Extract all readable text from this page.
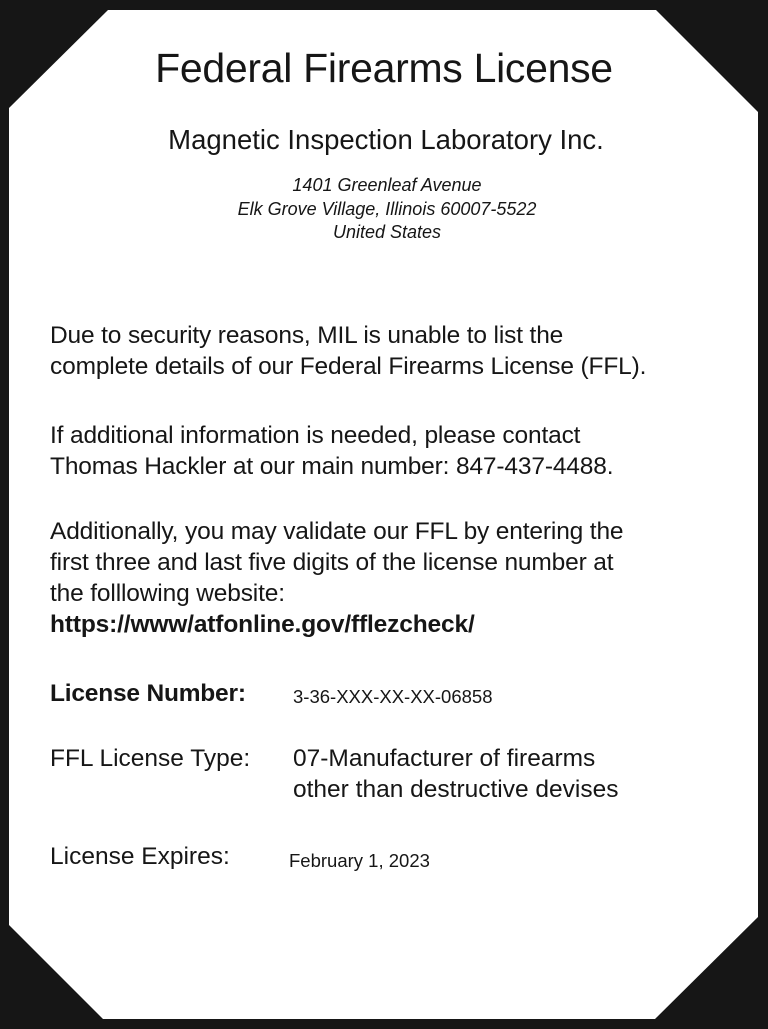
Federal Firearms License
Magnetic Inspection Laboratory Inc.
1401 Greenleaf Avenue
Elk Grove Village, Illinois 60007-5522
United States
Due to security reasons, MIL is unable to list the
complete details of our Federal Firearms License (FFL).
If additional information is needed, please contact
Thomas Hackler at our main number: 847-437-4488.
Additionally, you may validate our FFL by entering the
first three and last five digits of the license number at
the folllowing website:
https://www/atfonline.gov/fflezcheck/
License Number:	3-36-XXX-XX-XX-06858
FFL License Type: 07-Manufacturer of firearms
other than destructive devises
License Expires:	February 1, 2023
